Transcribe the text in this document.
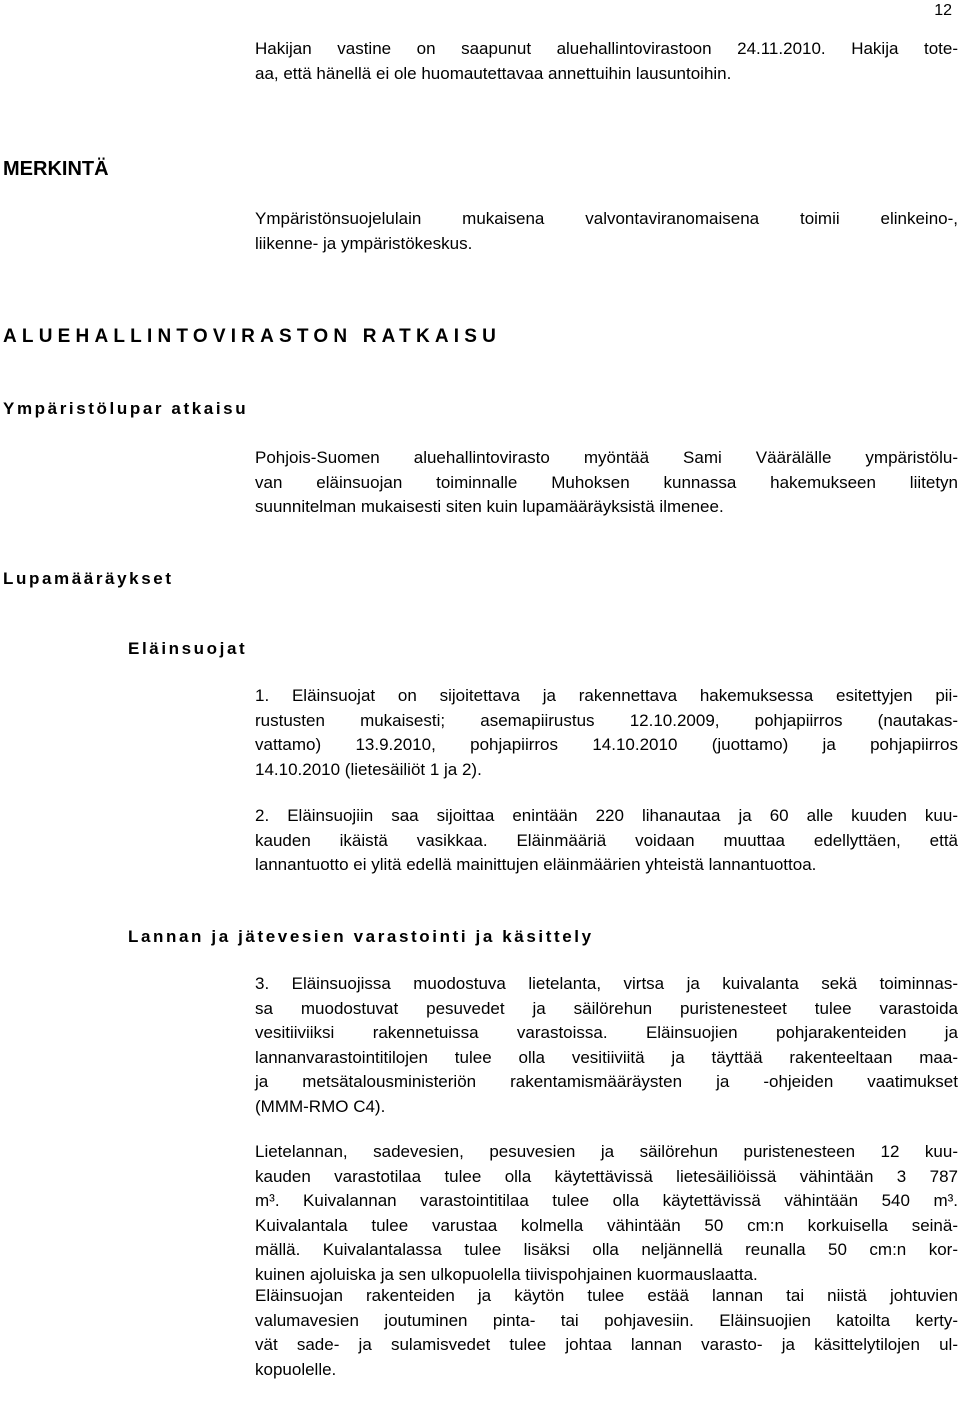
12
Hakijan vastine on saapunut aluehallintovirastoon 24.11.2010. Hakija tote-
aa, että hänellä ei ole huomautettavaa annettuihin lausuntoihin.
MERKINTÄ
Ympäristönsuojelulain mukaisena valvontaviranomaisena toimii elinkeino-,
liikenne- ja ympäristökeskus.
ALUEHALLINTOVIRASTON RATKAISU
Ympäristölupar atkaisu
Pohjois-Suomen aluehallintovirasto myöntää Sami Väärälälle ympäristölu-
van eläinsuojan toiminnalle Muhoksen kunnassa hakemukseen liitetyn
suunnitelman mukaisesti siten kuin lupamääräyksistä ilmenee.
Lupamääräykset
Eläinsuojat
1. Eläinsuojat on sijoitettava ja rakennettava hakemuksessa esitettyjen pii-
rustusten mukaisesti; asemapiirustus 12.10.2009, pohjapiirros (nautakas-
vattamo) 13.9.2010, pohjapiirros 14.10.2010 (juottamo) ja pohjapiirros
14.10.2010 (lietesäiliöt 1 ja 2).
2. Eläinsuojiin saa sijoittaa enintään 220 lihanautaa ja 60 alle kuuden kuu-
kauden ikäistä vasikkaa. Eläinmääriä voidaan muuttaa edellyttäen, että
lannantuotto ei ylitä edellä mainittujen eläinmäärien yhteistä lannantuottoa.
Lannan ja jätevesien varastointi ja käsittely
3. Eläinsuojissa muodostuva lietelanta, virtsa ja kuivalanta sekä toiminnas-
sa muodostuvat pesuvedet ja säilörehun puristenesteet tulee varastoida
vesitiiviiksi rakennetuissa varastoissa. Eläinsuojien pohjarakenteiden ja
lannanvarastointitilojen tulee olla vesitiiviitä ja täyttää rakenteeltaan maa-
ja metsätalousministeriön rakentamismääräysten ja -ohjeiden vaatimukset
(MMM-RMO C4).
Lietelannan, sadevesien, pesuvesien ja säilörehun puristenesteen 12 kuu-
kauden varastotilaa tulee olla käytettävissä lietesäiliöissä vähintään 3 787
m³. Kuivalannan varastointitilaa tulee olla käytettävissä vähintään 540 m³.
Kuivalantala tulee varustaa kolmella vähintään 50 cm:n korkuisella seinä-
mällä. Kuivalantalassa tulee lisäksi olla neljännellä reunalla 50 cm:n kor-
kuinen ajoluiska ja sen ulkopuolella tiivispohjainen kuormauslaatta.
Eläinsuojan rakenteiden ja käytön tulee estää lannan tai niistä johtuvien
valumavesien joutuminen pinta- tai pohjavesiin. Eläinsuojien katoilta kerty-
vät sade- ja sulamisvedet tulee johtaa lannan varasto- ja käsittelytilojen ul-
kopuolelle.
